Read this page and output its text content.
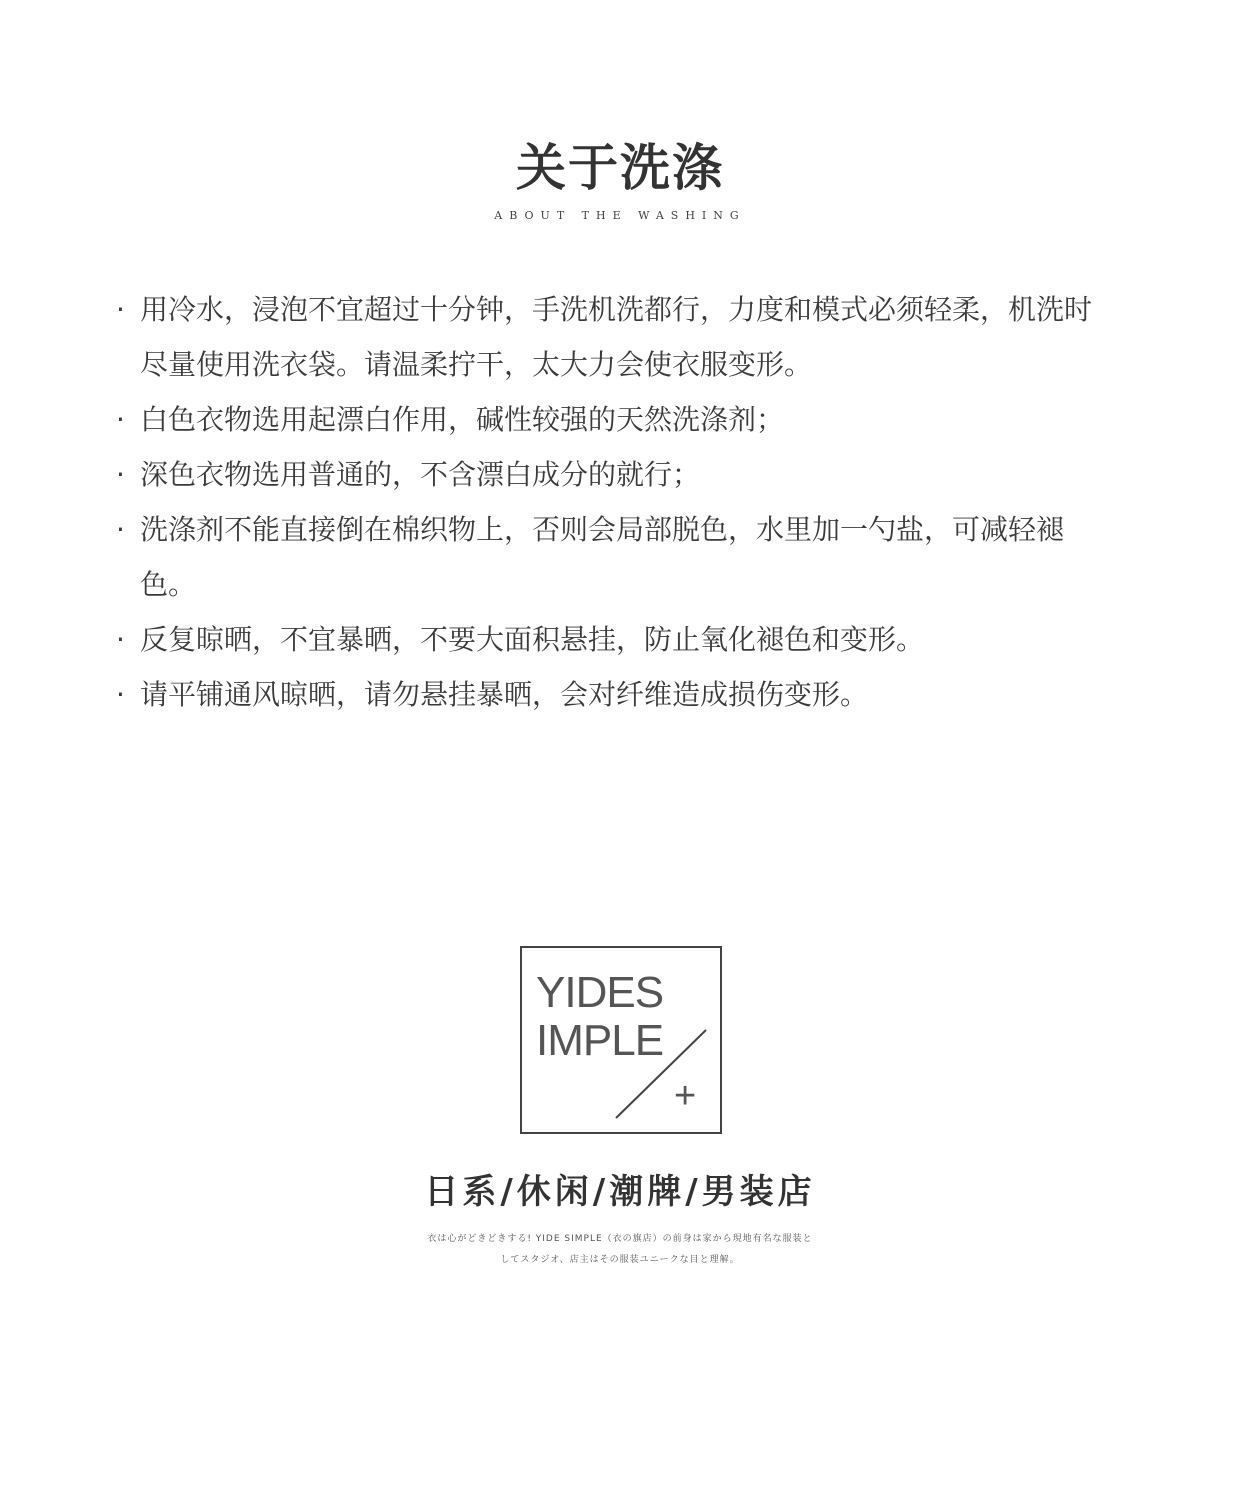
关于洗涤
ABOUT THE WASHING
· 用冷水，浸泡不宜超过十分钟，手洗机洗都行，力度和模式必须轻柔，机洗时尽量使用洗衣袋。请温柔拧干，太大力会使衣服变形。
· 白色衣物选用起漂白作用，碱性较强的天然洗涤剂；
· 深色衣物选用普通的，不含漂白成分的就行；
· 洗涤剂不能直接倒在棉织物上，否则会局部脱色，水里加一勺盐，可减轻褪色。
· 反复晾晒，不宜暴晒，不要大面积悬挂，防止氧化褪色和变形。
· 请平铺通风晾晒，请勿悬挂暴晒，会对纤维造成损伤变形。
YIDES
IMPLE
+
日系/休闲/潮牌/男装店
衣は心がどきどきする! YIDE SIMPLE（衣の旗店）の前身は家から現地有名な服装と
してスタジオ、店主はその服装ユニークな目と理解。
